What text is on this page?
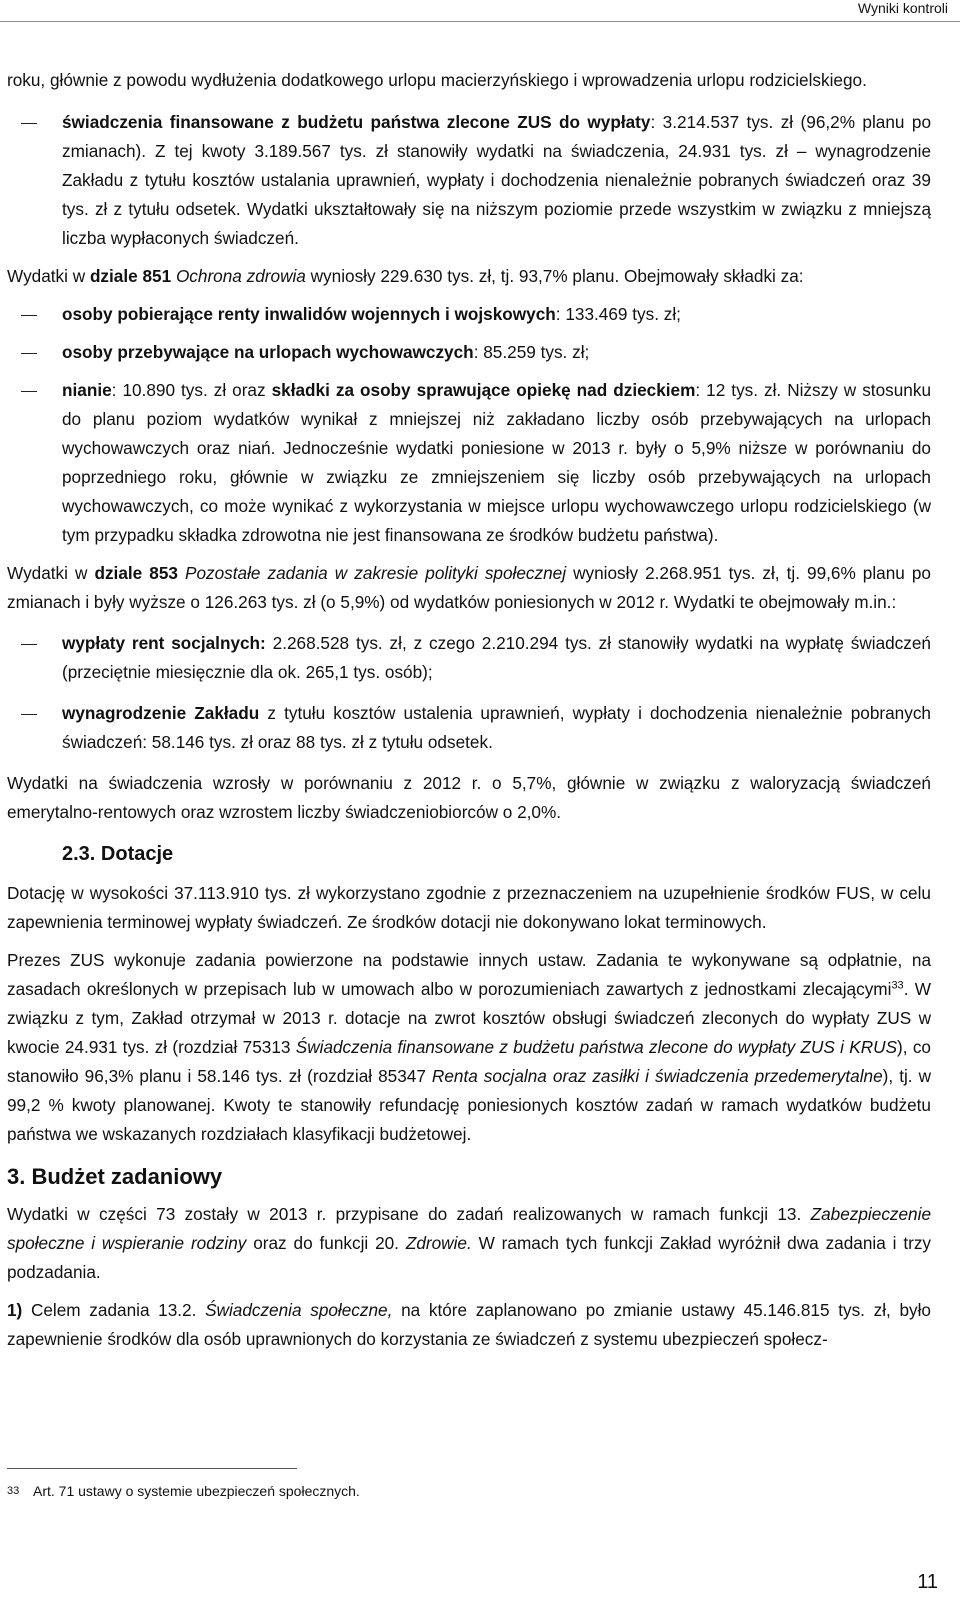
Wyniki kontroli

roku, głównie z powodu wydłużenia dodatkowego urlopu macierzyńskiego i wprowadzenia urlopu rodzicielskiego.

świadczenia finansowane z budżetu państwa zlecone ZUS do wypłaty: 3.214.537 tys. zł (96,2% planu po zmianach). Z tej kwoty 3.189.567 tys. zł stanowiły wydatki na świadczenia, 24.931 tys. zł – wynagrodzenie Zakładu z tytułu kosztów ustalania uprawnień, wypłaty i dochodzenia nienależnie pobranych świadczeń oraz 39 tys. zł z tytułu odsetek. Wydatki ukształtowały się na niższym poziomie przede wszystkim w związku z mniejszą liczba wypłaconych świadczeń.

Wydatki w dziale 851 Ochrona zdrowia wyniosły 229.630 tys. zł, tj. 93,7% planu. Obejmowały składki za:

osoby pobierające renty inwalidów wojennych i wojskowych: 133.469 tys. zł;
osoby przebywające na urlopach wychowawczych: 85.259 tys. zł;
nianie: 10.890 tys. zł oraz składki za osoby sprawujące opiekę nad dzieckiem: 12 tys. zł. Niższy w stosunku do planu poziom wydatków wynikał z mniejszej niż zakładano liczby osób przebywających na urlopach wychowawczych oraz niań. Jednocześnie wydatki poniesione w 2013 r. były o 5,9% niższe w porównaniu do poprzedniego roku, głównie w związku ze zmniejszeniem się liczby osób przebywających na urlopach wychowawczych, co może wynikać z wykorzystania w miejsce urlopu wychowawczego urlopu rodzicielskiego (w tym przypadku składka zdrowotna nie jest finansowana ze środków budżetu państwa).

Wydatki w dziale 853 Pozostałe zadania w zakresie polityki społecznej wyniosły 2.268.951 tys. zł, tj. 99,6% planu po zmianach i były wyższe o 126.263 tys. zł (o 5,9%) od wydatków poniesionych w 2012 r. Wydatki te obejmowały m.in.:

wypłaty rent socjalnych: 2.268.528 tys. zł, z czego 2.210.294 tys. zł stanowiły wydatki na wypłatę świadczeń (przeciętnie miesięcznie dla ok. 265,1 tys. osób);
wynagrodzenie Zakładu z tytułu kosztów ustalenia uprawnień, wypłaty i dochodzenia nienależnie pobranych świadczeń: 58.146 tys. zł oraz 88 tys. zł z tytułu odsetek.

Wydatki na świadczenia wzrosły w porównaniu z 2012 r. o 5,7%, głównie w związku z waloryzacją świadczeń emerytalno-rentowych oraz wzrostem liczby świadczeniobiorców o 2,0%.

2.3. Dotacje

Dotację w wysokości 37.113.910 tys. zł wykorzystano zgodnie z przeznaczeniem na uzupełnienie środków FUS, w celu zapewnienia terminowej wypłaty świadczeń. Ze środków dotacji nie dokonywano lokat terminowych.

Prezes ZUS wykonuje zadania powierzone na podstawie innych ustaw. Zadania te wykonywane są odpłatnie, na zasadach określonych w przepisach lub w umowach albo w porozumieniach zawartych z jednostkami zlecającymi$^{33}$. W związku z tym, Zakład otrzymał w 2013 r. dotacje na zwrot kosztów obsługi świadczeń zleconych do wypłaty ZUS w kwocie 24.931 tys. zł (rozdział 75313 Świadczenia finansowane z budżetu państwa zlecone do wypłaty ZUS i KRUS), co stanowiło 96,3% planu i 58.146 tys. zł (rozdział 85347 Renta socjalna oraz zasiłki i świadczenia przedemerytalne), tj. w 99,2 % kwoty planowanej. Kwoty te stanowiły refundację poniesionych kosztów zadań w ramach wydatków budżetu państwa we wskazanych rozdziałach klasyfikacji budżetowej.

3. Budżet zadaniowy

Wydatki w części 73 zostały w 2013 r. przypisane do zadań realizowanych w ramach funkcji 13. Zabezpieczenie społeczne i wspieranie rodziny oraz do funkcji 20. Zdrowie. W ramach tych funkcji Zakład wyróżnił dwa zadania i trzy podzadania.

1) Celem zadania 13.2. Świadczenia społeczne, na które zaplanowano po zmianie ustawy 45.146.815 tys. zł, było zapewnienie środków dla osób uprawnionych do korzystania ze świadczeń z systemu ubezpieczeń społecz-

33 Art. 71 ustawy o systemie ubezpieczeń społecznych.
11
